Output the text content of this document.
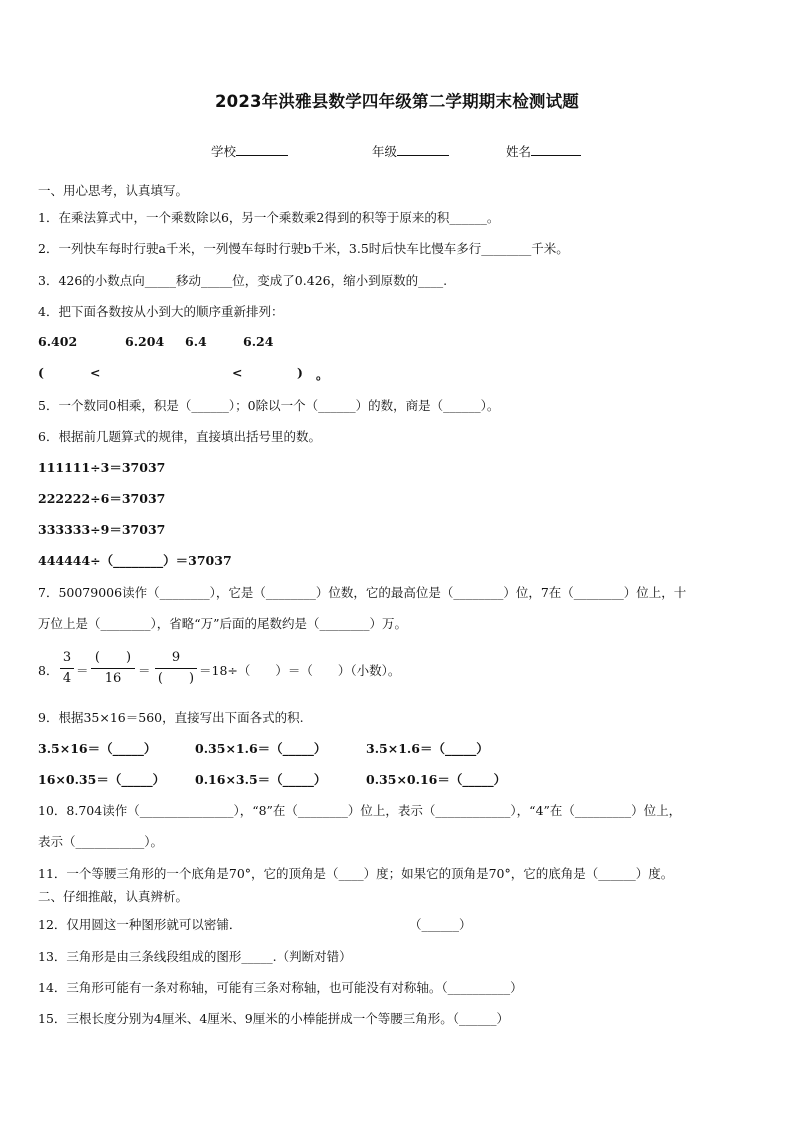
2023年洪雅县数学四年级第二学期期末检测试题
学校	年级	姓名
一、用心思考，认真填写。
1．在乘法算式中，一个乘数除以6，另一个乘数乘2得到的积等于原来的积______。
2．一列快车每时行驶a千米，一列慢车每时行驶b千米，3.5时后快车比慢车多行________千米。
3．426的小数点向_____移动_____位，变成了0.426，缩小到原数的____.
4．把下面各数按从小到大的顺序重新排列：
6.402	6.204 6.4	6.24
(	<	<	) 。
5．一个数同0相乘，积是（______）；0除以一个（______）的数，商是（______）。
6．根据前几题算式的规律，直接填出括号里的数。
111111÷3＝37037
222222÷6＝37037
333333÷9＝37037
444444÷（________）＝37037
7．50079006读作（________），它是（________）位数，它的最高位是（________）位，7在（________）位上，十
万位上是（________），省略“万”后面的尾数约是（________）万。
8．
3
4
＝
(　　)
16
＝
9
(　　)
＝18÷（　　）＝（　　）（小数）。
9．根据35×16＝560，直接写出下面各式的积.
3.5×16＝（_____）	0.35×1.6＝（_____）	3.5×1.6＝（_____）
16×0.35＝（_____） 0.16×3.5＝（_____）	0.35×0.16＝（_____）
10．8.704读作（_______________），“8”在（________）位上，表示（____________），“4”在（_________）位上，
表示（___________）。
11．一个等腰三角形的一个底角是70°，它的顶角是（____）度；如果它的顶角是70°，它的底角是（______）度。
二、仔细推敲，认真辨析。
12．仅用圆这一种图形就可以密铺．	（______）
13．三角形是由三条线段组成的图形_____.（判断对错）
14．三角形可能有一条对称轴，可能有三条对称轴，也可能没有对称轴。（__________）
15．三根长度分别为4厘米、4厘米、9厘米的小棒能拼成一个等腰三角形。（______）
